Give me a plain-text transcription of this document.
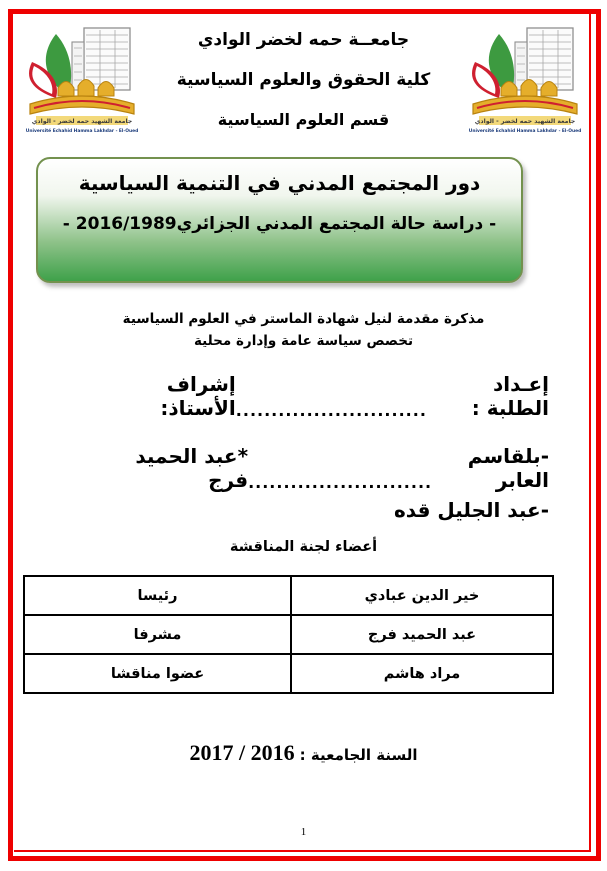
جامعة الشهيد حمه لخضر - الوادي
Université Echahid Hamma Lakhdar - El-Oued
جامعــة حمه لخضر الوادي
كلية الحقوق والعلوم السياسية
قسم العلوم السياسية	جامعة الشهيد حمه لخضر - الوادي
Université Echahid Hamma Lakhdar - El-Oued
دور المجتمع المدني في التنمية السياسية
- دراسة حالة المجتمع المدني الجزائري2016/1989 -
مذكرة مقدمة لنيل شهادة الماستر في العلوم السياسية
تخصص سياسة عامة وإدارة محلية
إعـداد الطلبة :
...........................
إشراف الأستاذ:
-بلقاسم العابر
..........................
*عبد الحميد فرج
-عبد الجليل قده
أعضاء لجنة المناقشة
خير الدين عبادي	رئيسا
عبد الحميد فرج	مشرفا
مراد هاشم	عضوا مناقشا
السنة الجامعية : 2016 / 2017
1
